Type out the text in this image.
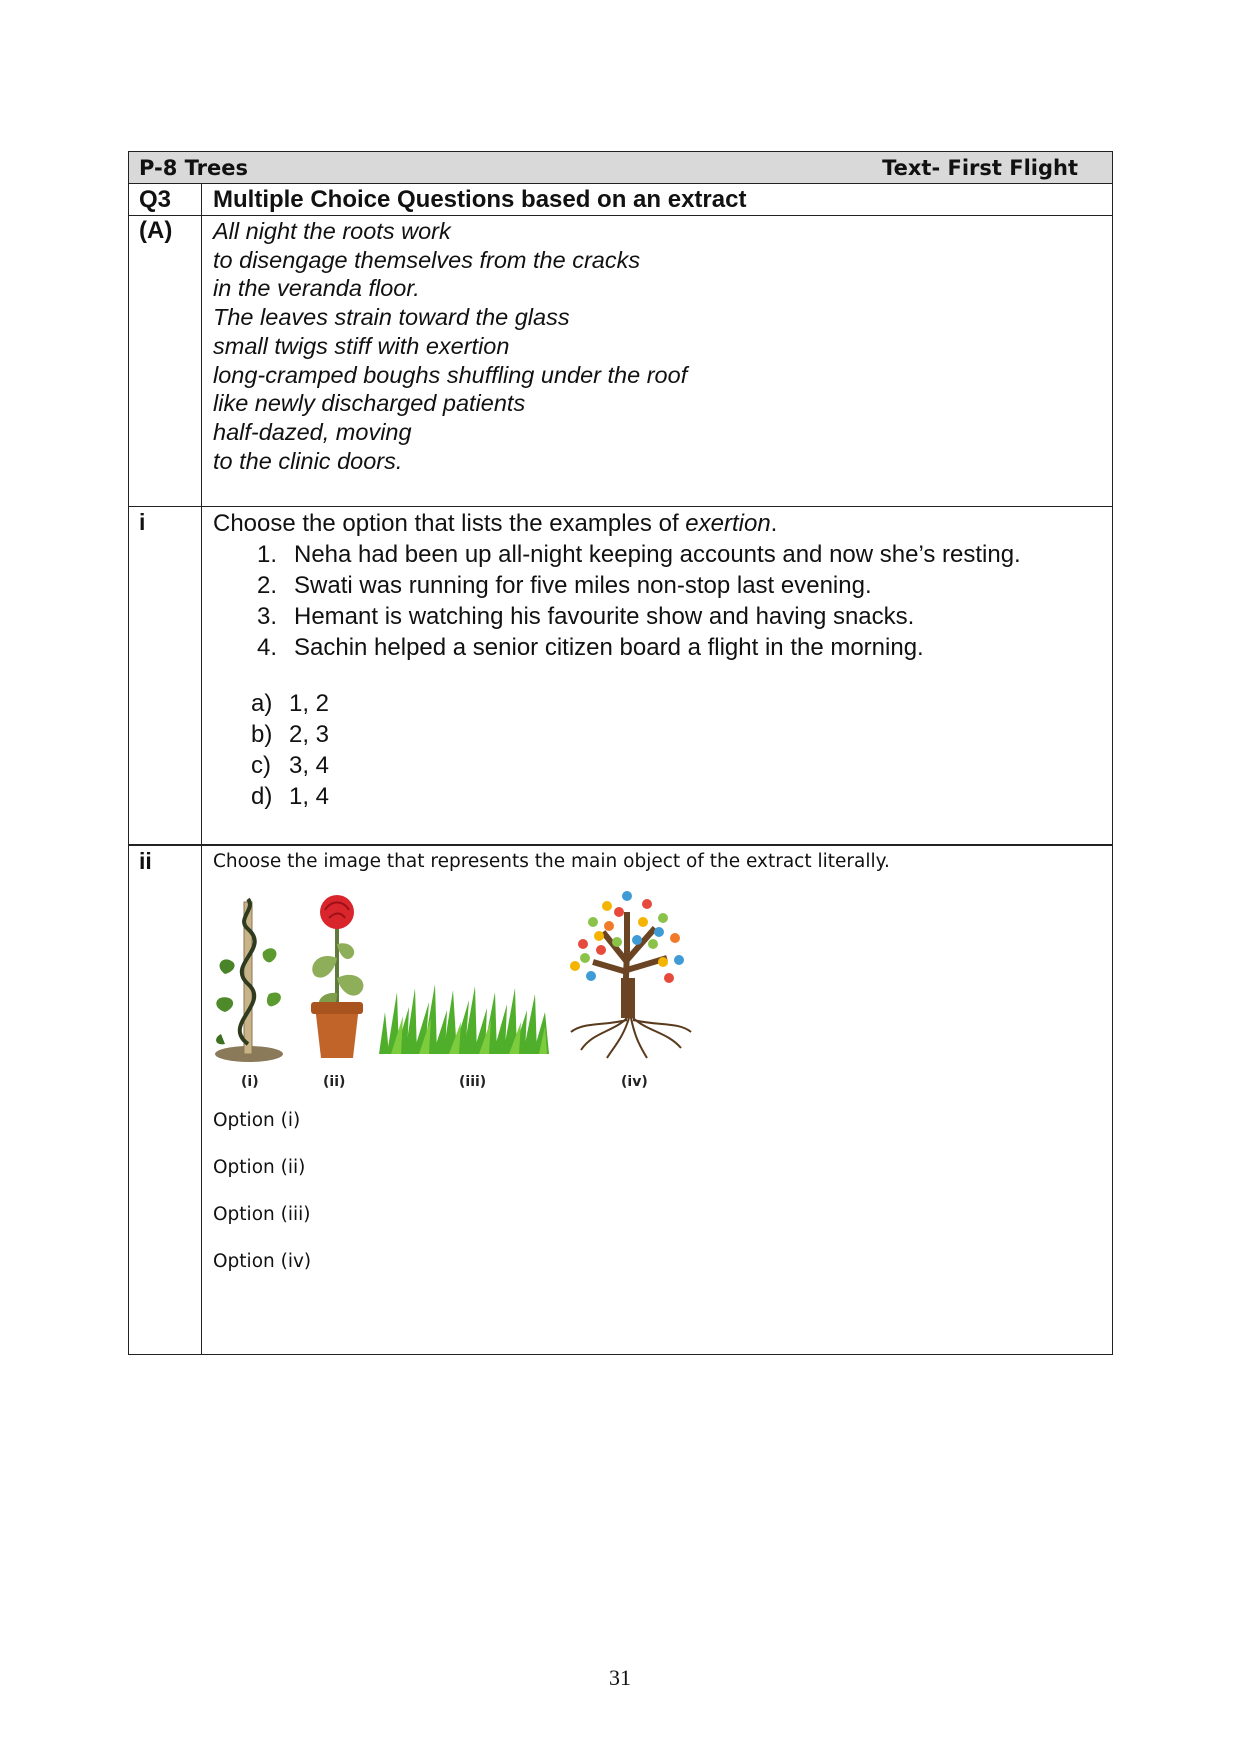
P-8 Trees	Text- First Flight
Q3	Multiple Choice Questions based on an extract
(A)	All night the roots work
to disengage themselves from the cracks
in the veranda floor.
The leaves strain toward the glass
small twigs stiff with exertion
long-cramped boughs shuffling under the roof
like newly discharged patients
half-dazed, moving
to the clinic doors.
i	Choose the option that lists the examples of exertion.
1. Neha had been up all-night keeping accounts and now she’s resting.
2. Swati was running for five miles non-stop last evening.
3. Hemant is watching his favourite show and having snacks.
4. Sachin helped a senior citizen board a flight in the morning.
a) 1, 2
b) 2, 3
c) 3, 4
d) 1, 4
ii	Choose the image that represents the main object of the extract literally.
(i)	(ii)	(iii)	(iv)
Option (i)
Option (ii)
Option (iii)
Option (iv)
31
